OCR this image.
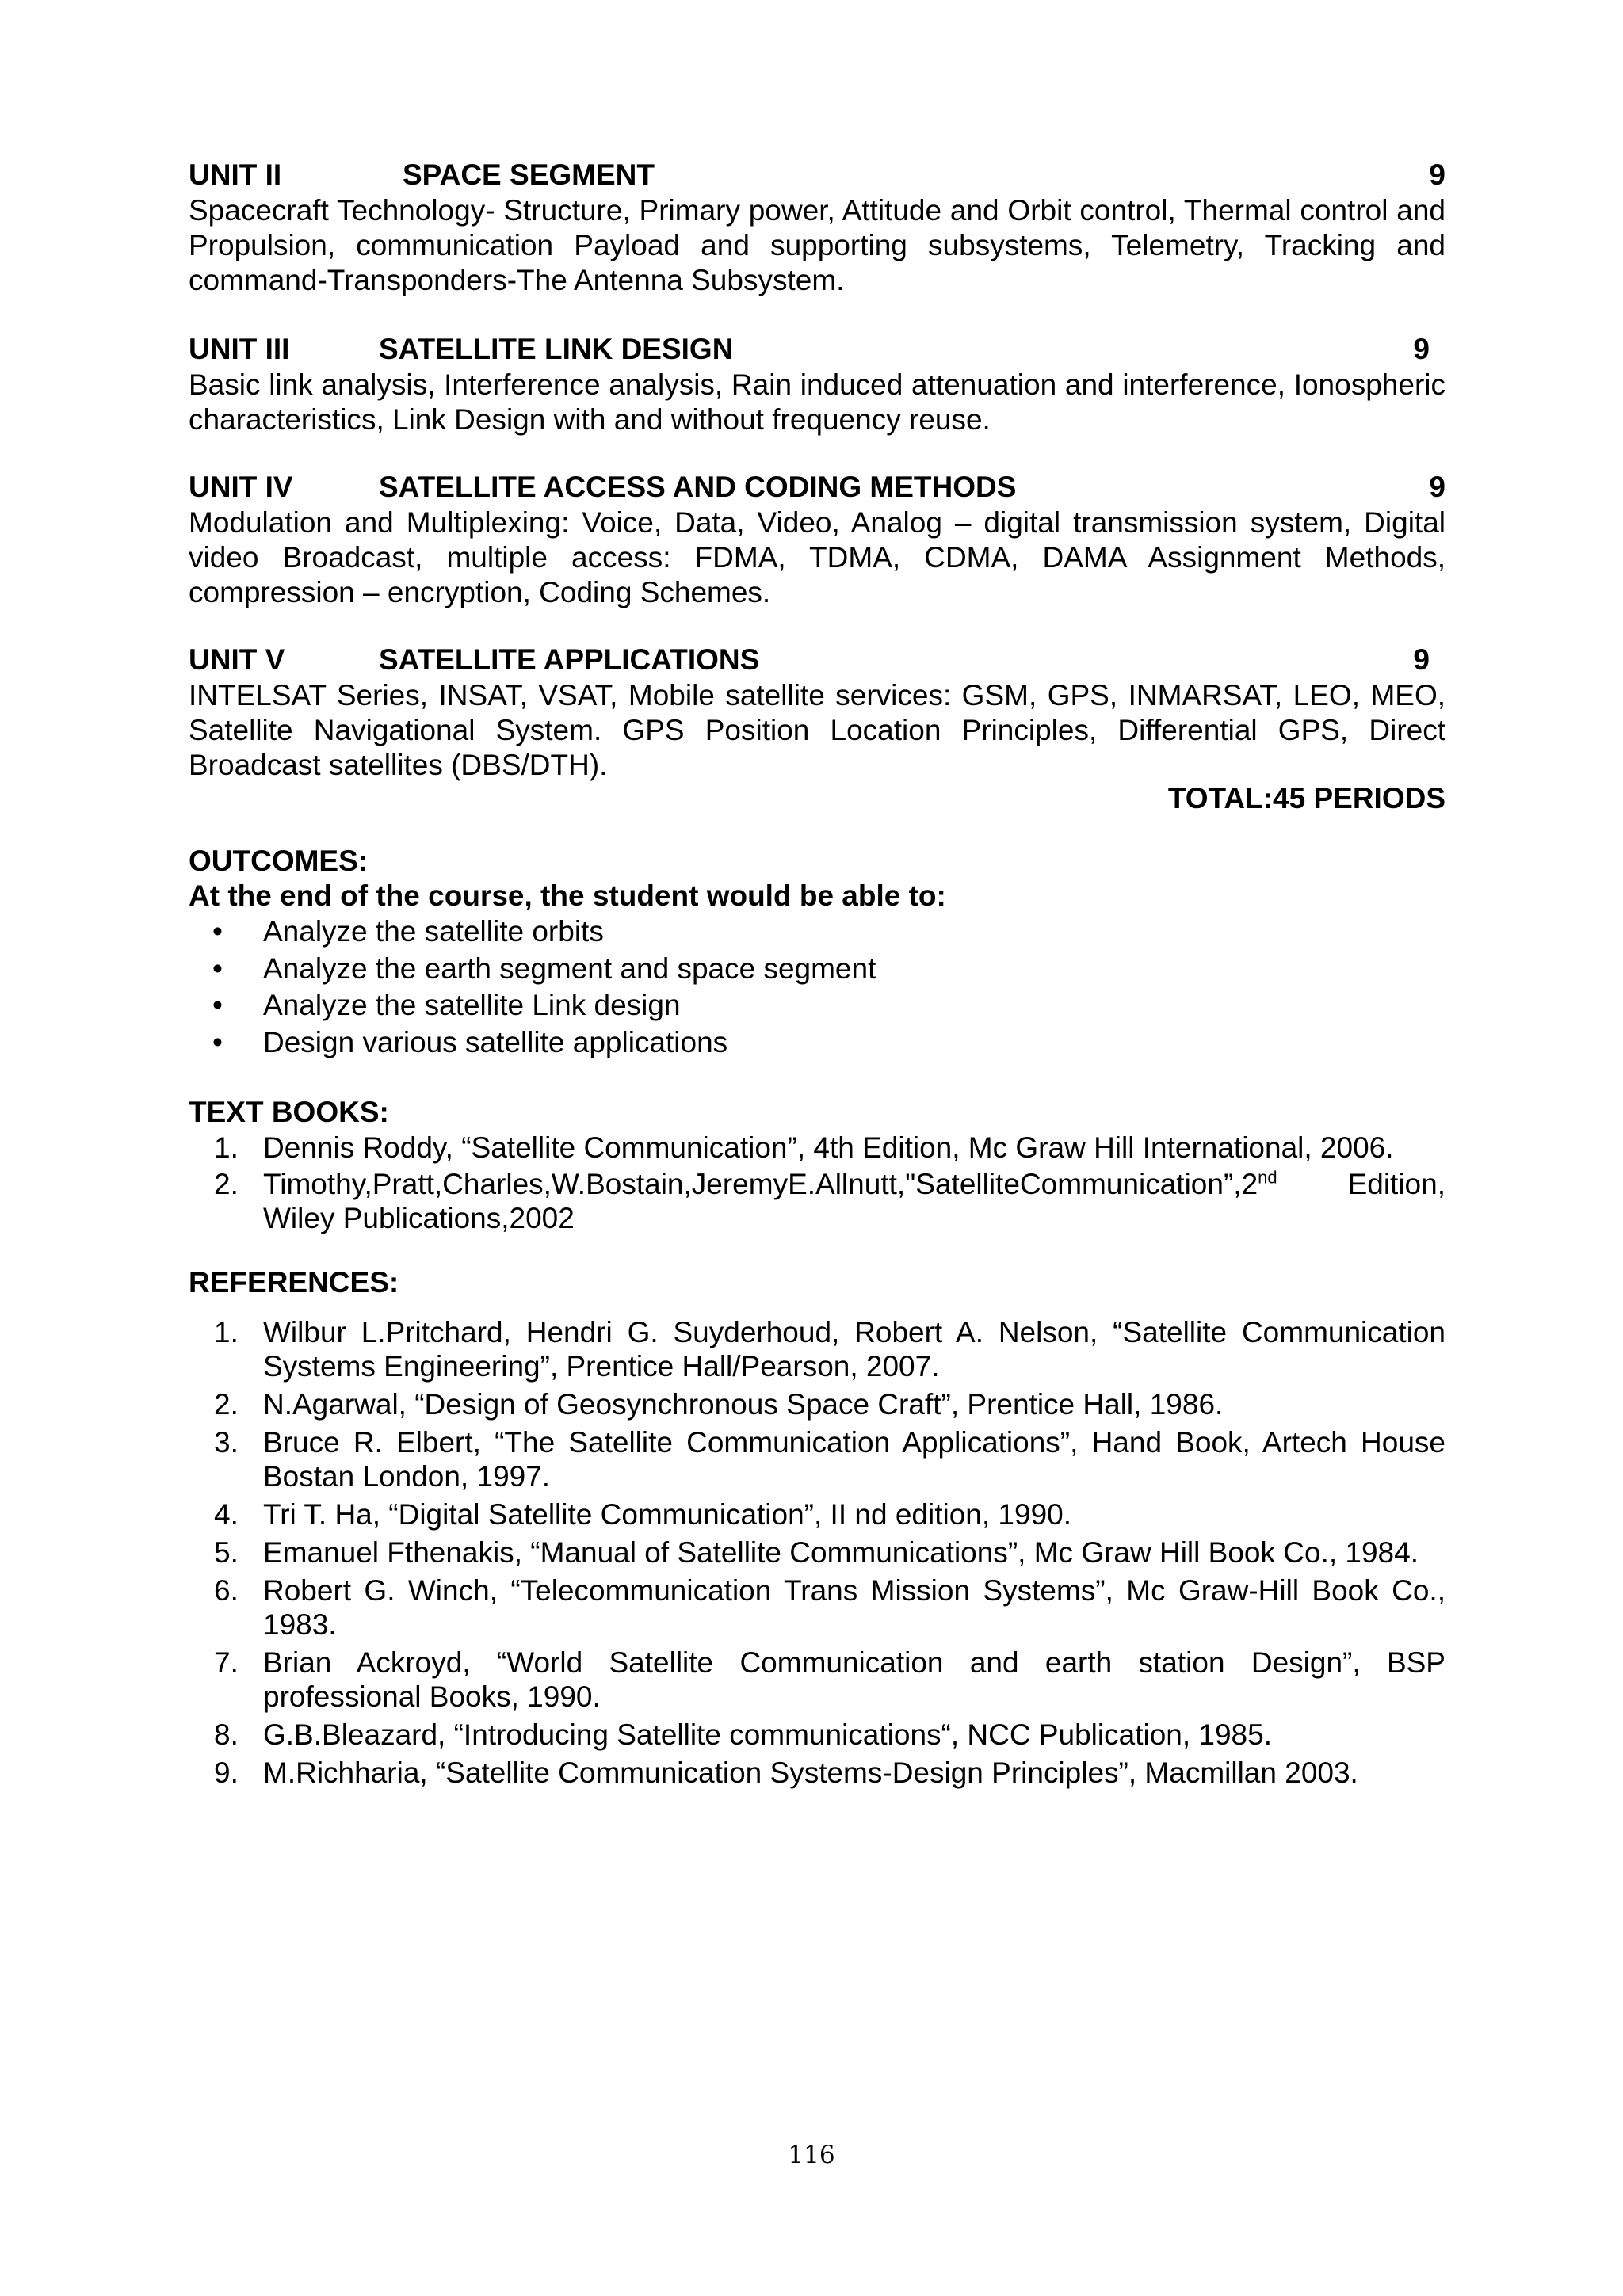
UNIT II	SPACE SEGMENT	9

Spacecraft Technology- Structure, Primary power, Attitude and Orbit control, Thermal control and Propulsion, communication Payload and supporting subsystems, Telemetry, Tracking and command-Transponders-The Antenna Subsystem.

UNIT III	SATELLITE LINK DESIGN	9

Basic link analysis, Interference analysis, Rain induced attenuation and interference, Ionospheric characteristics, Link Design with and without frequency reuse.

UNIT IV	SATELLITE ACCESS AND CODING METHODS	9

Modulation and Multiplexing: Voice, Data, Video, Analog – digital transmission system, Digital video Broadcast, multiple access: FDMA, TDMA, CDMA, DAMA Assignment Methods, compression – encryption, Coding Schemes.

UNIT V	SATELLITE APPLICATIONS	9

INTELSAT Series, INSAT, VSAT, Mobile satellite services: GSM, GPS, INMARSAT, LEO, MEO, Satellite Navigational System. GPS Position Location Principles, Differential GPS, Direct Broadcast satellites (DBS/DTH).

TOTAL:45 PERIODS
OUTCOMES:
At the end of the course, the student would be able to:
• Analyze the satellite orbits
• Analyze the earth segment and space segment
• Analyze the satellite Link design
• Design various satellite applications
TEXT BOOKS:
1. Dennis Roddy, “Satellite Communication”, 4th Edition, Mc Graw Hill International, 2006.
2. Timothy,Pratt,Charles,W.Bostain,JeremyE.Allnutt,"SatelliteCommunication”,2nd Edition, Wiley Publications,2002
REFERENCES:
1. Wilbur L.Pritchard, Hendri G. Suyderhoud, Robert A. Nelson, “Satellite Communication Systems Engineering”, Prentice Hall/Pearson, 2007.
2. N.Agarwal, “Design of Geosynchronous Space Craft”, Prentice Hall, 1986.
3. Bruce R. Elbert, “The Satellite Communication Applications”, Hand Book, Artech House Bostan London, 1997.
4. Tri T. Ha, “Digital Satellite Communication”, II nd edition, 1990.
5. Emanuel Fthenakis, “Manual of Satellite Communications”, Mc Graw Hill Book Co., 1984.
6. Robert G. Winch, “Telecommunication Trans Mission Systems”, Mc Graw-Hill Book Co., 1983.
7. Brian Ackroyd, “World Satellite Communication and earth station Design”, BSP professional Books, 1990.
8. G.B.Bleazard, “Introducing Satellite communications“, NCC Publication, 1985.
9. M.Richharia, “Satellite Communication Systems-Design Principles”, Macmillan 2003.
116
